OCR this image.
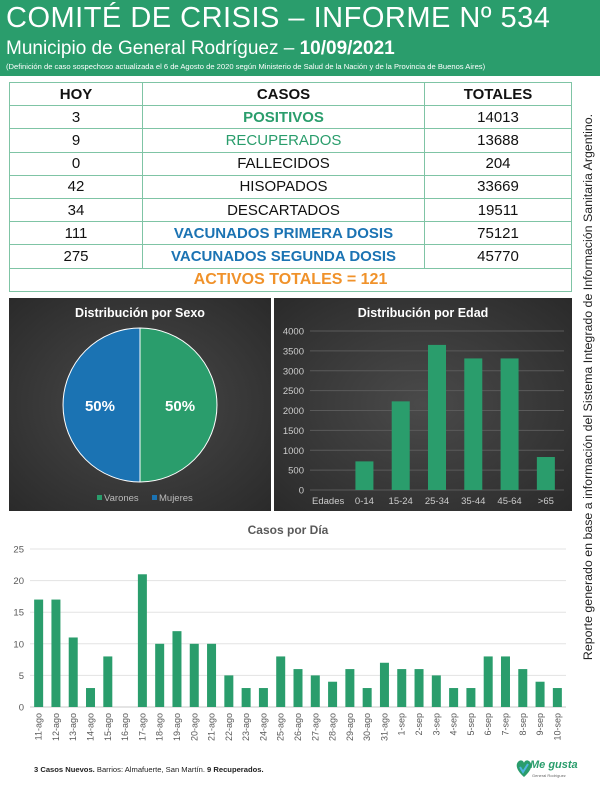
COMITÉ DE CRISIS – INFORME Nº 534
Municipio de General Rodríguez – 10/09/2021
(Definición de caso sospechoso actualizada el 6 de Agosto de 2020 según Ministerio de Salud de la Nación y de la Provincia de Buenos Aires)
Reporte generado en base a información del Sistema Integrado de Información Sanitaria Argentino.
HOY	CASOS	TOTALES
3	POSITIVOS	14013
9	RECUPERADOS	13688
0	FALLECIDOS	204
42	HISOPADOS	33669
34	DESCARTADOS	19511
111	VACUNADOS PRIMERA DOSIS	75121
275	VACUNADOS SEGUNDA DOSIS	45770
ACTIVOS TOTALES = 121		
Distribución por Sexo
50%
50%
Varones Mujeres
Distribución por Edad
0
500
1000
1500
2000
2500
3000
3500
4000
Edades 0-14 15-24 25-34 35-44 45-64 >65
Casos por Día
0
5
10
15
20
25
11-ago 12-ago 13-ago 14-ago 15-ago 16-ago 17-ago 18-ago 19-ago 20-ago 21-ago 22-ago 23-ago 24-ago 25-ago 26-ago 27-ago 28-ago 29-ago 30-ago 31-ago 1-sep 2-sep 3-sep 4-sep 5-sep 6-sep 7-sep 8-sep 9-sep 10-sep
3 Casos Nuevos. Barrios: Almafuerte, San Martín. 9 Recuperados.	Me gusta
General Rodríguez
